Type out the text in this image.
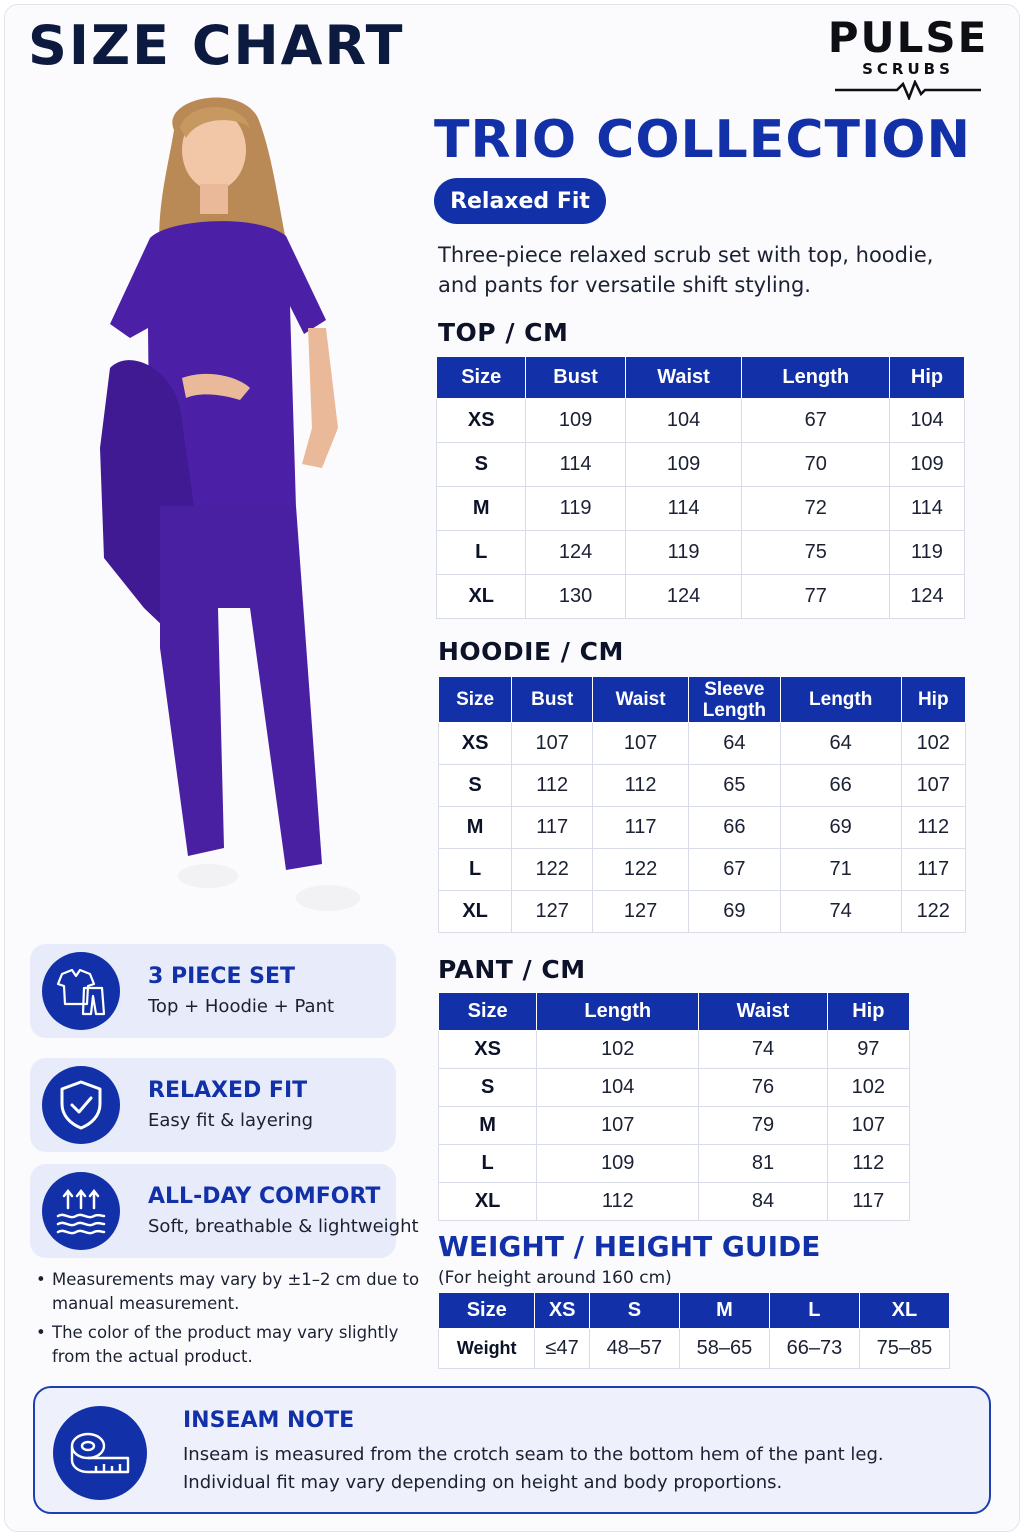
SIZE CHART	PULSE
SCRUBS
TRIO COLLECTION
Relaxed Fit
Three-piece relaxed scrub set with top, hoodie, and pants for versatile shift styling.
TOP / CM
Size	Bust	Waist	Length	Hip
XS	109	104	67	104
S	114	109	70	109
M	119	114	72	114
L	124	119	75	119
XL	130	124	77	124
HOODIE / CM
Size	Bust	Waist	Sleeve Length	Length	Hip
XS	107	107	64	64	102
S	112	112	65	66	107
M	117	117	66	69	112
L	122	122	67	71	117
XL	127	127	69	74	122
PANT / CM
Size	Length	Waist	Hip
XS	102	74	97
S	104	76	102
M	107	79	107
L	109	81	112
XL	112	84	117
WEIGHT / HEIGHT GUIDE
(For height around 160 cm)
Size	XS	S	M	L	XL
Weight	≤47	48–57	58–65	66–73	75–85
3 PIECE SET
Top + Hoodie + Pant
RELAXED FIT
Easy fit & layering
ALL-DAY COMFORT
Soft, breathable & lightweight
• Measurements may vary by ±1–2 cm due to manual measurement.
• The color of the product may vary slightly from the actual product.
INSEAM NOTE
Inseam is measured from the crotch seam to the bottom hem of the pant leg.
Individual fit may vary depending on height and body proportions.
